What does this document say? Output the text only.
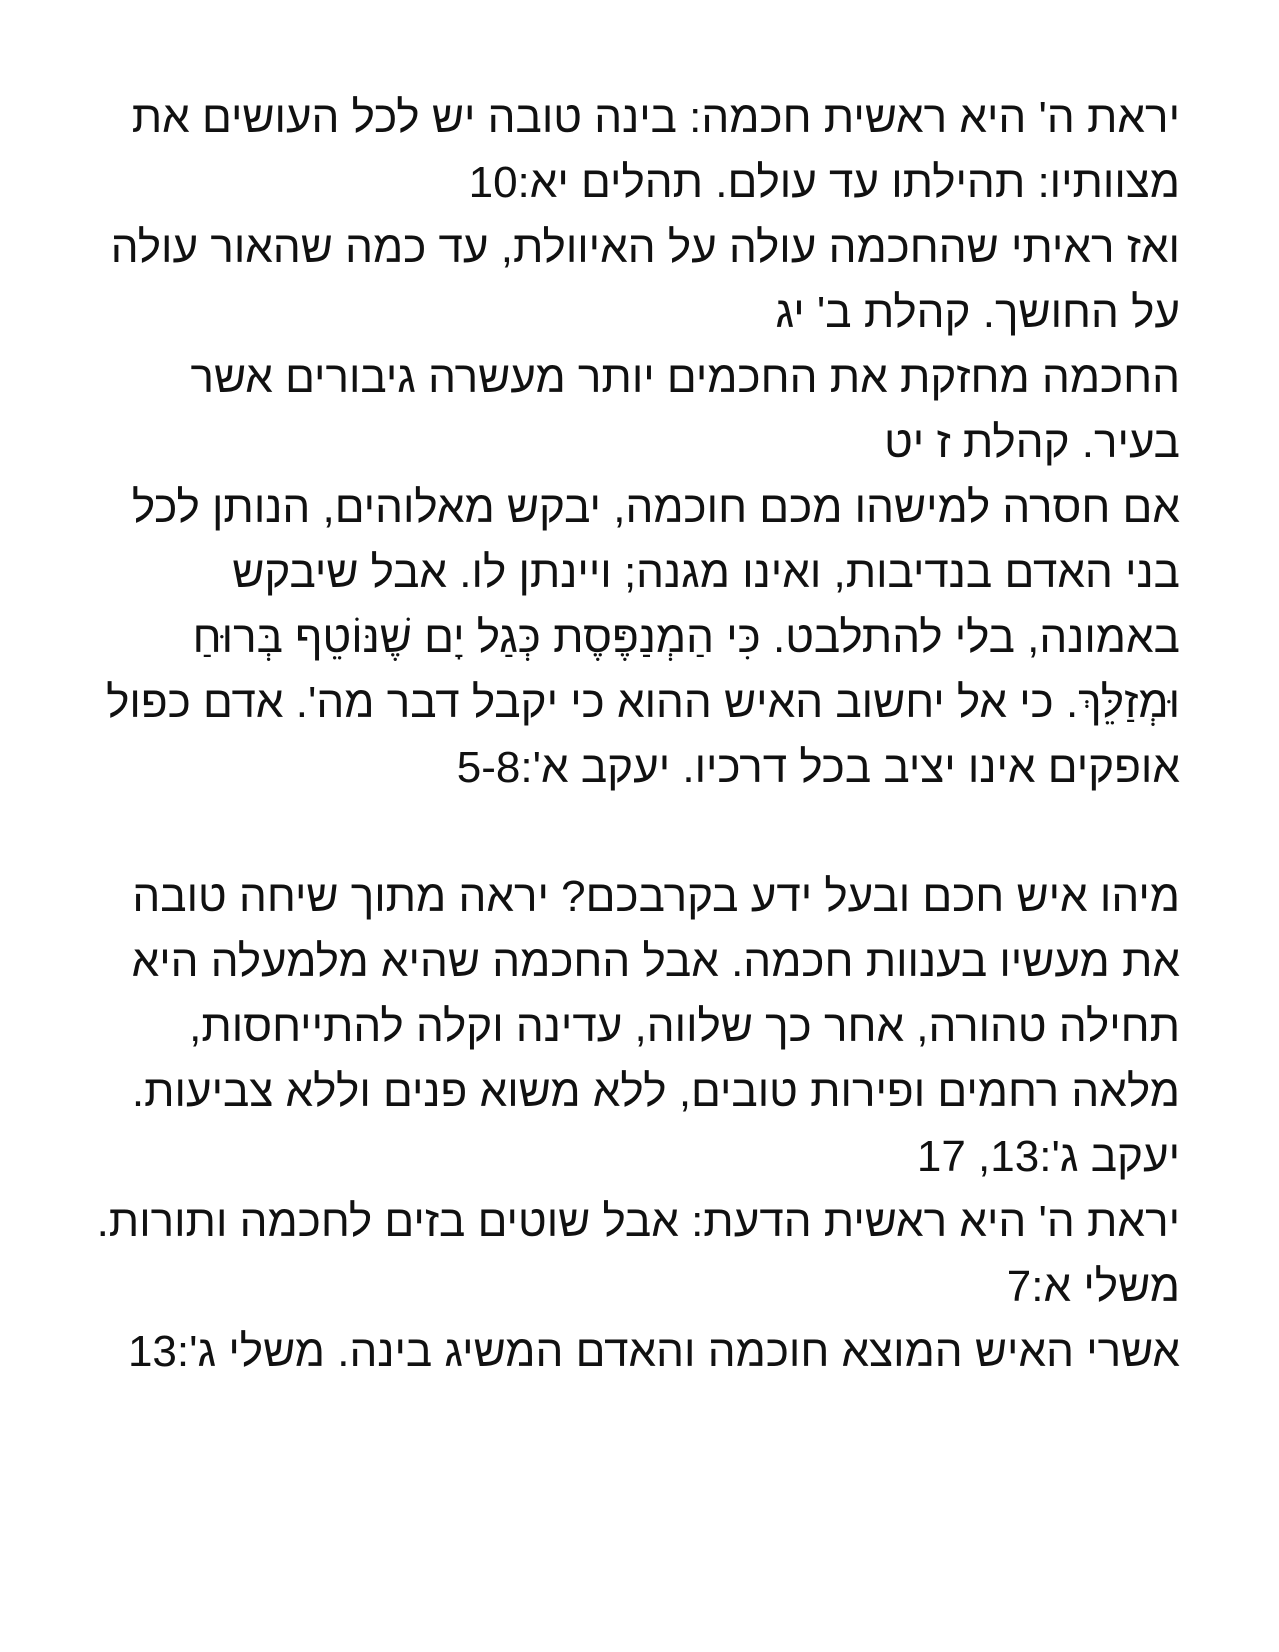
יראת ה' היא ראשית חכמה: בינה טובה יש לכל העושים את מצוותיו: תהילתו עד עולם. תהלים יא:10

ואז ראיתי שהחכמה עולה על האיוולת, עד כמה שהאור עולה על החושך. קהלת ב' יג

החכמה מחזקת את החכמים יותר מעשרה גיבורים אשר בעיר. קהלת ז יט

אם חסרה למישהו מכם חוכמה, יבקש מאלוהים, הנותן לכל בני האדם בנדיבות, ואינו מגנה; ויינתן לו. אבל שיבקש באמונה, בלי להתלבט. כִּי הַמְנַפֶּסֶת כְּגַל יָם שֶׁנּוֹטֵף בְּרוּחַ וּמְזַלֵּךְ. כי אל יחשוב האיש ההוא כי יקבל דבר מה'. אדם כפול אופקים אינו יציב בכל דרכיו. יעקב א':5-8

מיהו איש חכם ובעל ידע בקרבכם? יראה מתוך שיחה טובה את מעשיו בענוות חכמה. אבל החכמה שהיא מלמעלה היא תחילה טהורה, אחר כך שלווה, עדינה וקלה להתייחסות, מלאה רחמים ופירות טובים, ללא משוא פנים וללא צביעות. יעקב ג':13, 17

יראת ה' היא ראשית הדעת: אבל שוטים בזים לחכמה ותורות. משלי א:7

אשרי האיש המוצא חוכמה והאדם המשיג בינה. משלי ג':13
